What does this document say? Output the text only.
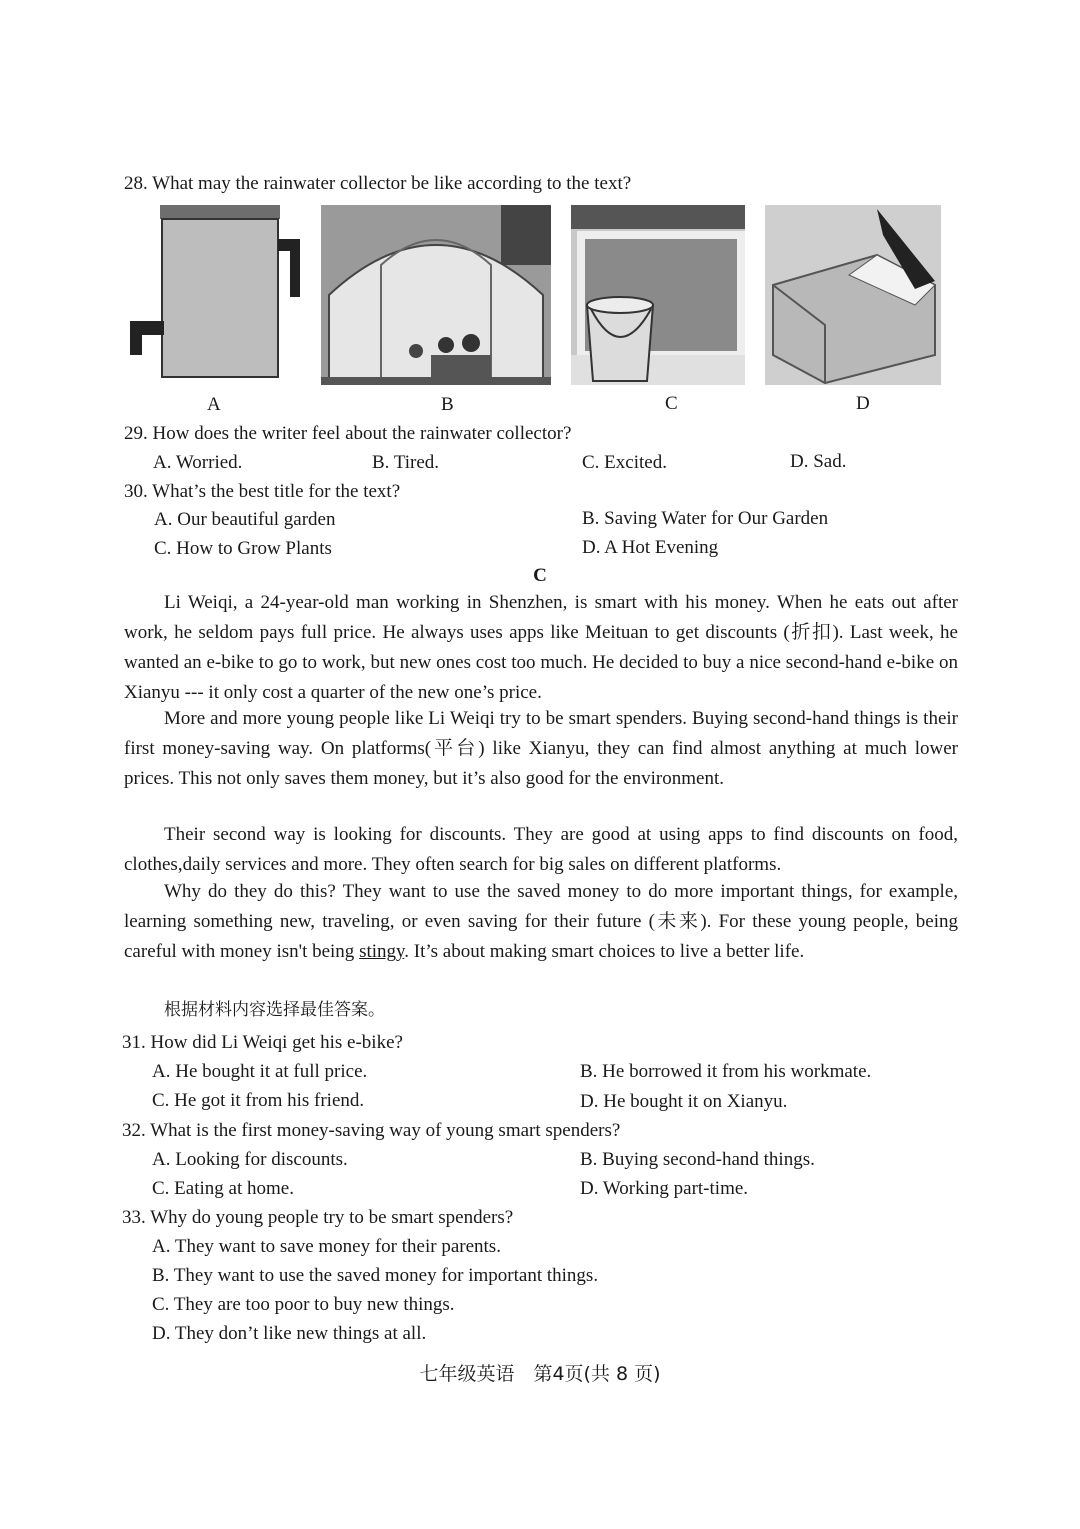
28. What may the rainwater collector be like according to the text?
A	B	C	D
29. How does the writer feel about the rainwater collector?
A. Worried.	B. Tired.	C. Excited.	D. Sad.
30. What’s the best title for the text?
A. Our beautiful garden	B. Saving Water for Our Garden
C. How to Grow Plants	D. A Hot Evening
C
Li Weiqi, a 24-year-old man working in Shenzhen, is smart with his money. When he eats out after work, he seldom pays full price. He always uses apps like Meituan to get discounts (折扣). Last week, he wanted an e-bike to go to work, but new ones cost too much. He decided to buy a nice second-hand e-bike on Xianyu --- it only cost a quarter of the new one’s price.
More and more young people like Li Weiqi try to be smart spenders. Buying second-hand things is their first money-saving way. On platforms(平台) like Xianyu, they can find almost anything at much lower prices. This not only saves them money, but it’s also good for the environment.
Their second way is looking for discounts. They are good at using apps to find discounts on food, clothes,daily services and more. They often search for big sales on different platforms.
Why do they do this? They want to use the saved money to do more important things, for example, learning something new, traveling, or even saving for their future (未来). For these young people, being careful with money isn't being stingy. It’s about making smart choices to live a better life.
根据材料内容选择最佳答案。
31. How did Li Weiqi get his e-bike?
A. He bought it at full price.	B. He borrowed it from his workmate.
C. He got it from his friend.	D. He bought it on Xianyu.
32. What is the first money-saving way of young smart spenders?
A. Looking for discounts.	B. Buying second-hand things.
C. Eating at home.	D. Working part-time.
33. Why do young people try to be smart spenders?
A. They want to save money for their parents.
B. They want to use the saved money for important things.
C. They are too poor to buy new things.
D. They don’t like new things at all.
七年级英语　第4页(共 8 页)
